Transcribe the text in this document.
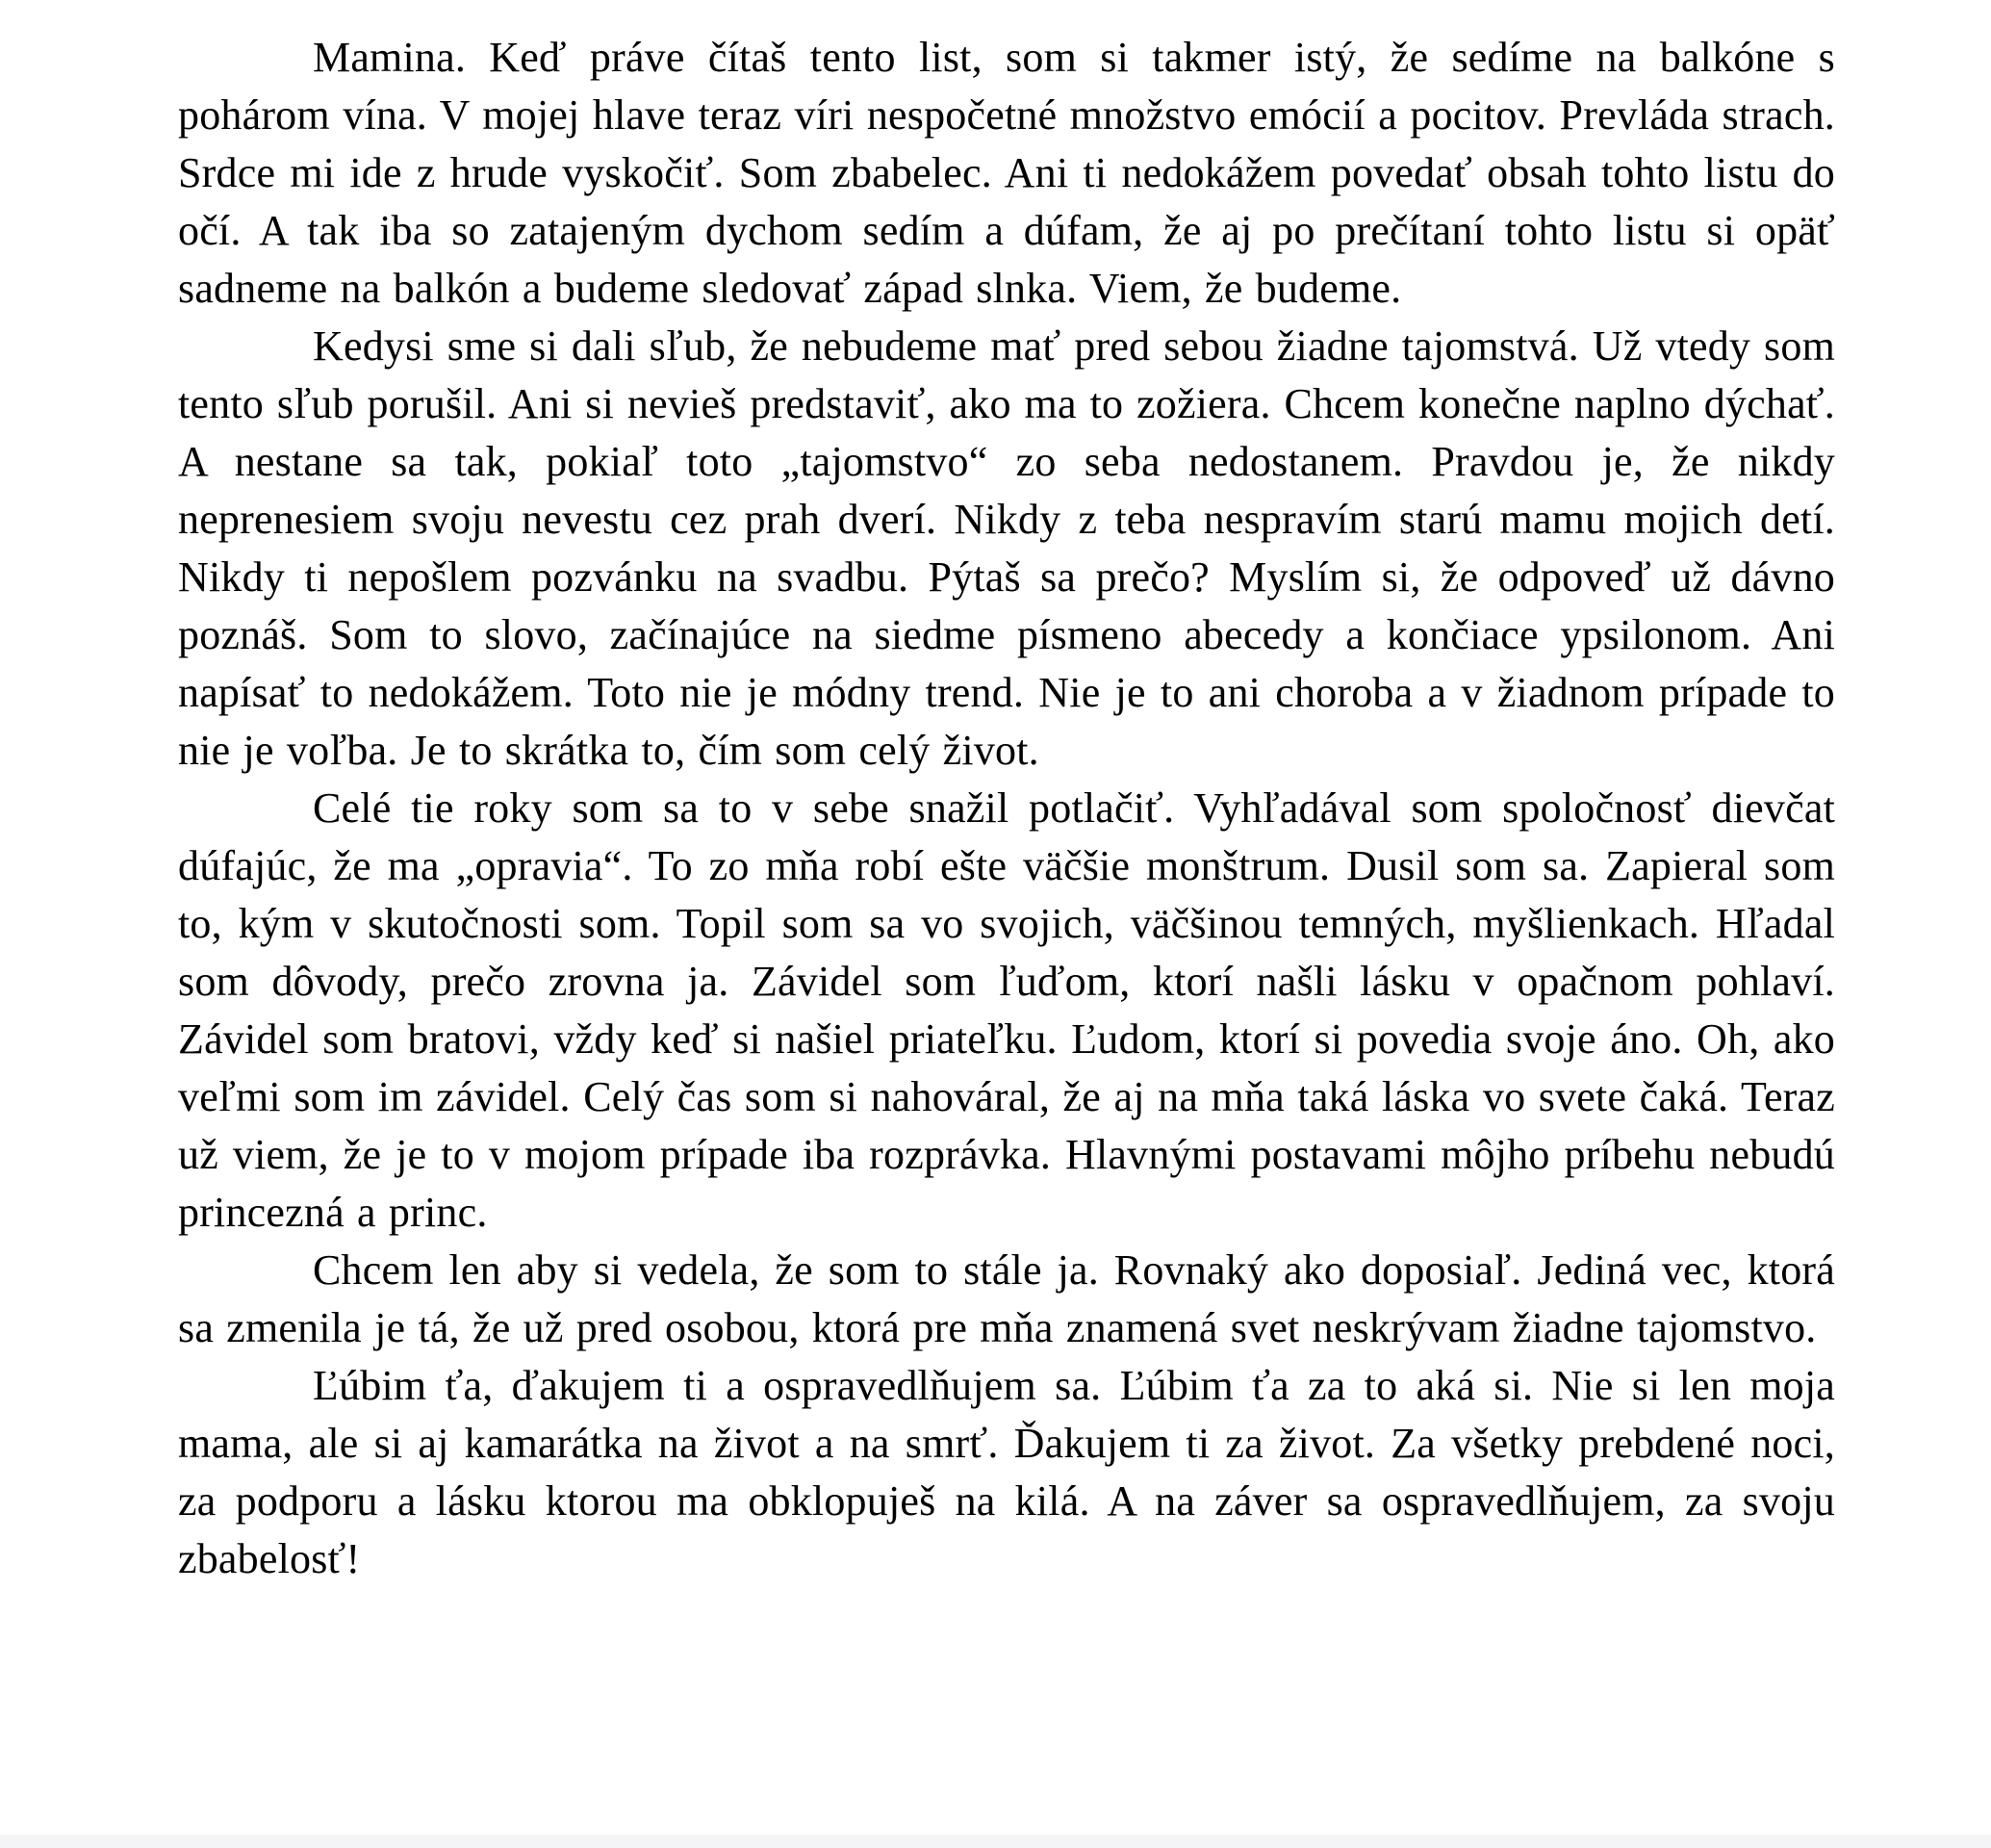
Mamina. Keď práve čítaš tento list, som si takmer istý, že sedíme na balkóne s pohárom vína. V mojej hlave teraz víri nespočetné množstvo emócií a pocitov. Prevláda strach. Srdce mi ide z hrude vyskočiť. Som zbabelec. Ani ti nedokážem povedať obsah tohto listu do očí. A tak iba so zatajeným dychom sedím a dúfam, že aj po prečítaní tohto listu si opäť sadneme na balkón a budeme sledovať západ slnka. Viem, že budeme.

Kedysi sme si dali sľub, že nebudeme mať pred sebou žiadne tajomstvá. Už vtedy som tento sľub porušil. Ani si nevieš predstaviť, ako ma to zožiera. Chcem konečne naplno dýchať. A nestane sa tak, pokiaľ toto „tajomstvo“ zo seba nedostanem. Pravdou je, že nikdy neprenesiem svoju nevestu cez prah dverí. Nikdy z teba nespravím starú mamu mojich detí. Nikdy ti nepošlem pozvánku na svadbu. Pýtaš sa prečo? Myslím si, že odpoveď už dávno poznáš. Som to slovo, začínajúce na siedme písmeno abecedy a končiace ypsilonom. Ani napísať to nedokážem. Toto nie je módny trend. Nie je to ani choroba a v žiadnom prípade to nie je voľba. Je to skrátka to, čím som celý život.

Celé tie roky som sa to v sebe snažil potlačiť. Vyhľadával som spoločnosť dievčat dúfajúc, že ma „opravia“. To zo mňa robí ešte väčšie monštrum. Dusil som sa. Zapieral som to, kým v skutočnosti som. Topil som sa vo svojich, väčšinou temných, myšlienkach. Hľadal som dôvody, prečo zrovna ja. Závidel som ľuďom, ktorí našli lásku v opačnom pohlaví. Závidel som bratovi, vždy keď si našiel priateľku. Ľudom, ktorí si povedia svoje áno. Oh, ako veľmi som im závidel. Celý čas som si nahováral, že aj na mňa taká láska vo svete čaká. Teraz už viem, že je to v mojom prípade iba rozprávka. Hlavnými postavami môjho príbehu nebudú princezná a princ.

Chcem len aby si vedela, že som to stále ja. Rovnaký ako doposiaľ. Jediná vec, ktorá sa zmenila je tá, že už pred osobou, ktorá pre mňa znamená svet neskrývam žiadne tajomstvo.

Ľúbim ťa, ďakujem ti a ospravedlňujem sa. Ľúbim ťa za to aká si. Nie si len moja mama, ale si aj kamarátka na život a na smrť. Ďakujem ti za život. Za všetky prebdené noci, za podporu a lásku ktorou ma obklopuješ na kilá. A na záver sa ospravedlňujem, za svoju zbabelosť!
